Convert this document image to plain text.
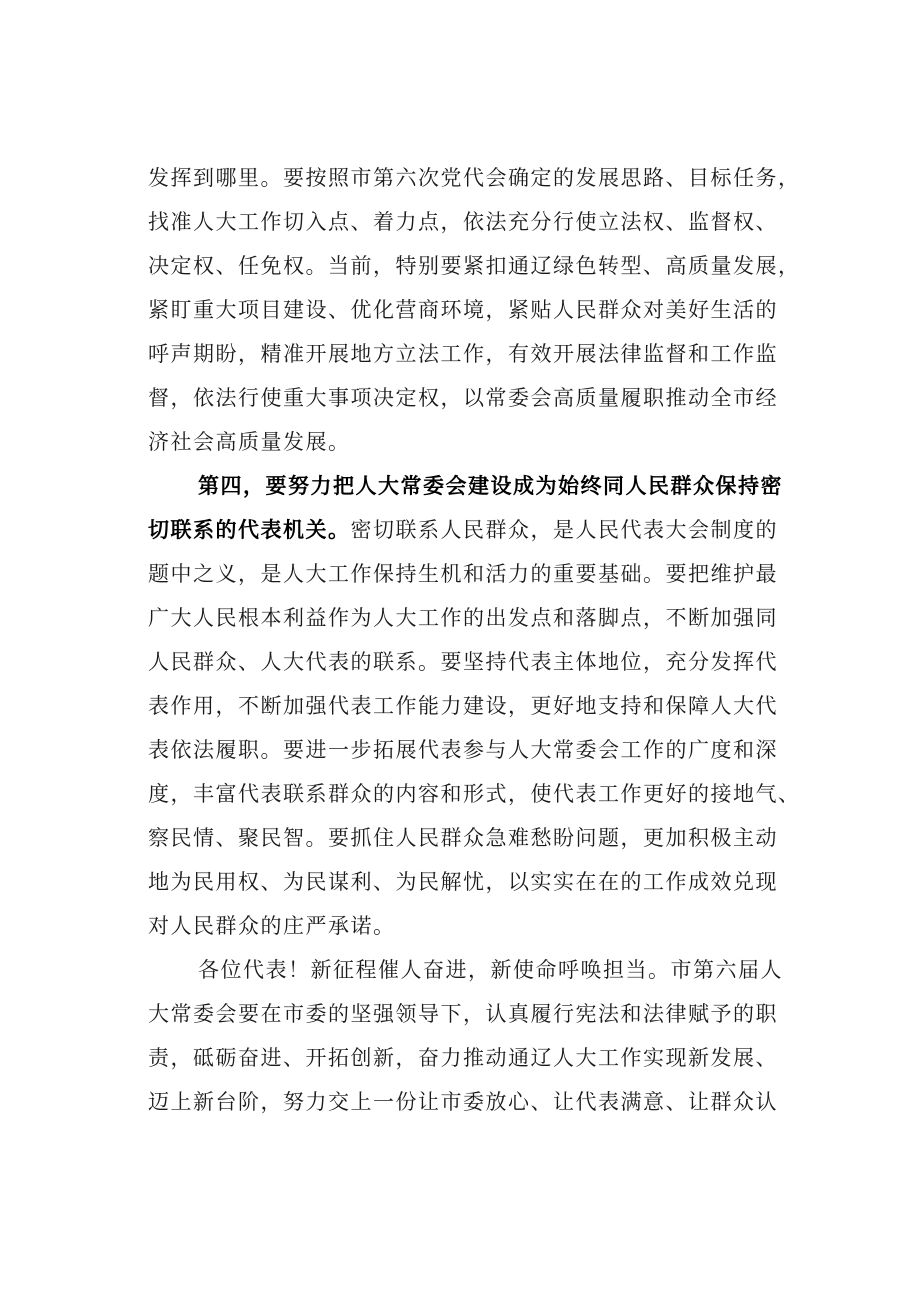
发挥到哪里。要按照市第六次党代会确定的发展思路、目标任务，
找准人大工作切入点、着力点，依法充分行使立法权、监督权、
决定权、任免权。当前，特别要紧扣通辽绿色转型、高质量发展，
紧盯重大项目建设、优化营商环境，紧贴人民群众对美好生活的
呼声期盼，精准开展地方立法工作，有效开展法律监督和工作监
督，依法行使重大事项决定权，以常委会高质量履职推动全市经
济社会高质量发展。
第四，要努力把人大常委会建设成为始终同人民群众保持密
切联系的代表机关。密切联系人民群众，是人民代表大会制度的
题中之义，是人大工作保持生机和活力的重要基础。要把维护最
广大人民根本利益作为人大工作的出发点和落脚点，不断加强同
人民群众、人大代表的联系。要坚持代表主体地位，充分发挥代
表作用，不断加强代表工作能力建设，更好地支持和保障人大代
表依法履职。要进一步拓展代表参与人大常委会工作的广度和深
度，丰富代表联系群众的内容和形式，使代表工作更好的接地气、
察民情、聚民智。要抓住人民群众急难愁盼问题，更加积极主动
地为民用权、为民谋利、为民解忧，以实实在在的工作成效兑现
对人民群众的庄严承诺。
各位代表！新征程催人奋进，新使命呼唤担当。市第六届人
大常委会要在市委的坚强领导下，认真履行宪法和法律赋予的职
责，砥砺奋进、开拓创新，奋力推动通辽人大工作实现新发展、
迈上新台阶，努力交上一份让市委放心、让代表满意、让群众认
